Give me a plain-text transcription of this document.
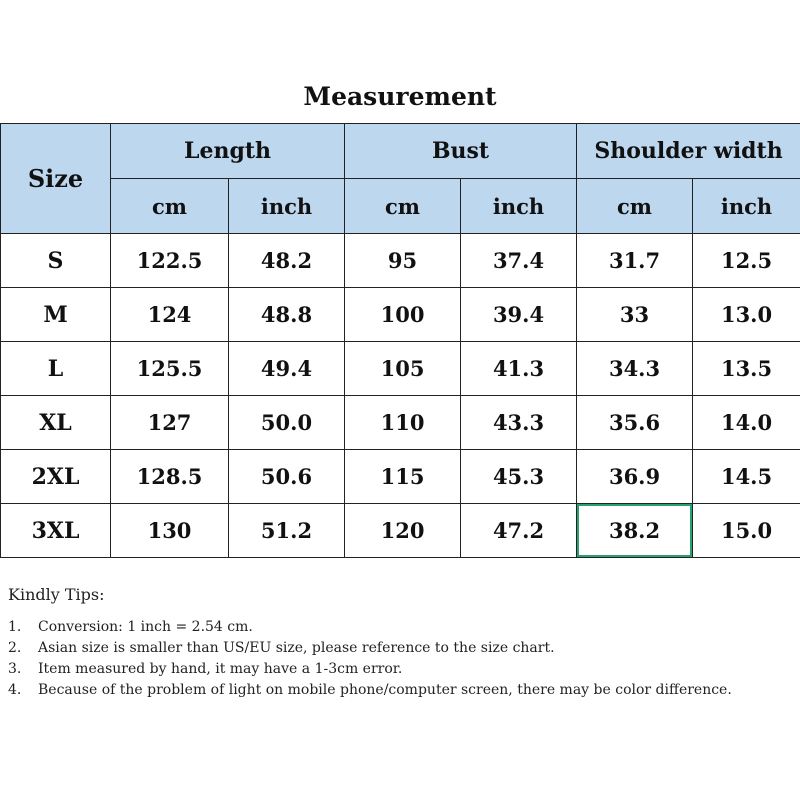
Measurement
Size	Length		Bust		Shoulder width	
	cm	inch	cm	inch	cm	inch
S	122.5	48.2	95	37.4	31.7	12.5
M	124	48.8	100	39.4	33	13.0
L	125.5	49.4	105	41.3	34.3	13.5
XL	127	50.0	110	43.3	35.6	14.0
2XL	128.5	50.6	115	45.3	36.9	14.5
3XL	130	51.2	120	47.2	38.2	15.0
Kindly Tips:
1. Conversion: 1 inch = 2.54 cm.
2. Asian size is smaller than US/EU size, please reference to the size chart.
3. Item measured by hand, it may have a 1-3cm error.
4. Because of the problem of light on mobile phone/computer screen, there may be color difference.
